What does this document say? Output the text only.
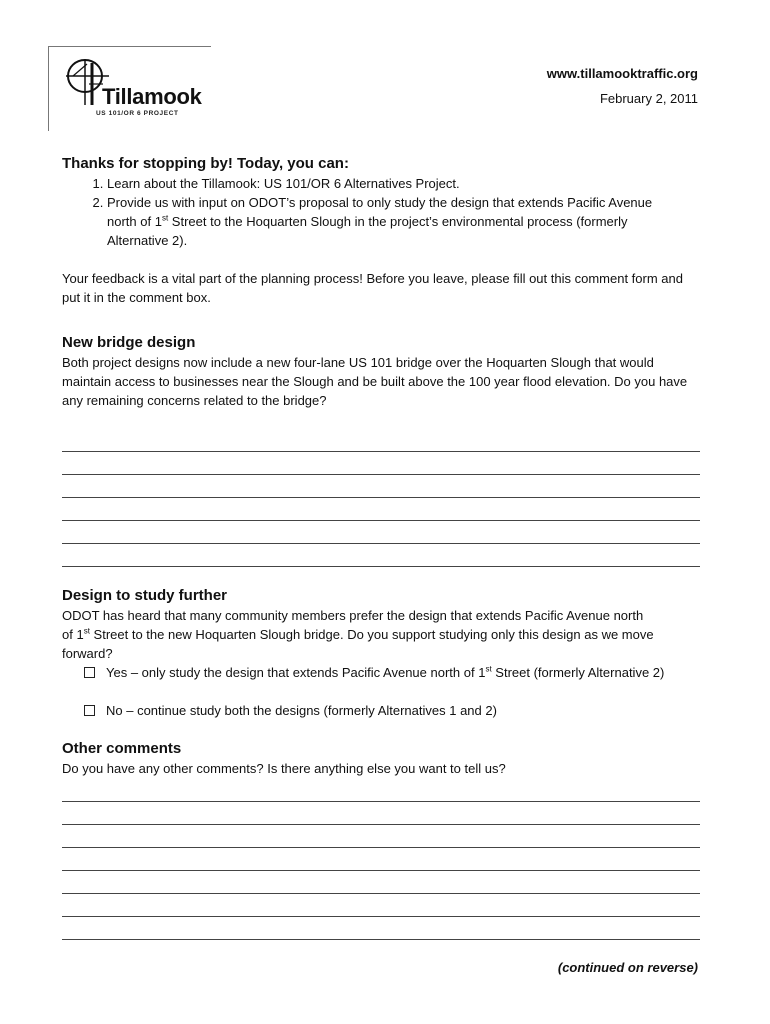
Tillamook
US 101/OR 6 PROJECT
www.tillamooktraffic.org
February 2, 2011
Thanks for stopping by! Today, you can:
1. Learn about the Tillamook: US 101/OR 6 Alternatives Project.
2. Provide us with input on ODOT’s proposal to only study the design that extends Pacific Avenue
north of 1st Street to the Hoquarten Slough in the project’s environmental process (formerly
Alternative 2).

Your feedback is a vital part of the planning process! Before you leave, please fill out this comment form and put it in the comment box.

New bridge design

Both project designs now include a new four-lane US 101 bridge over the Hoquarten Slough that would maintain access to businesses near the Slough and be built above the 100 year flood elevation. Do you have any remaining concerns related to the bridge?

Design to study further

ODOT has heard that many community members prefer the design that extends Pacific Avenue north
of 1st Street to the new Hoquarten Slough bridge. Do you support studying only this design as we move forward?

Yes – only study the design that extends Pacific Avenue north of 1st Street (formerly Alternative 2)
No – continue study both the designs (formerly Alternatives 1 and 2)
Other comments

Do you have any other comments? Is there anything else you want to tell us?

(continued on reverse)
